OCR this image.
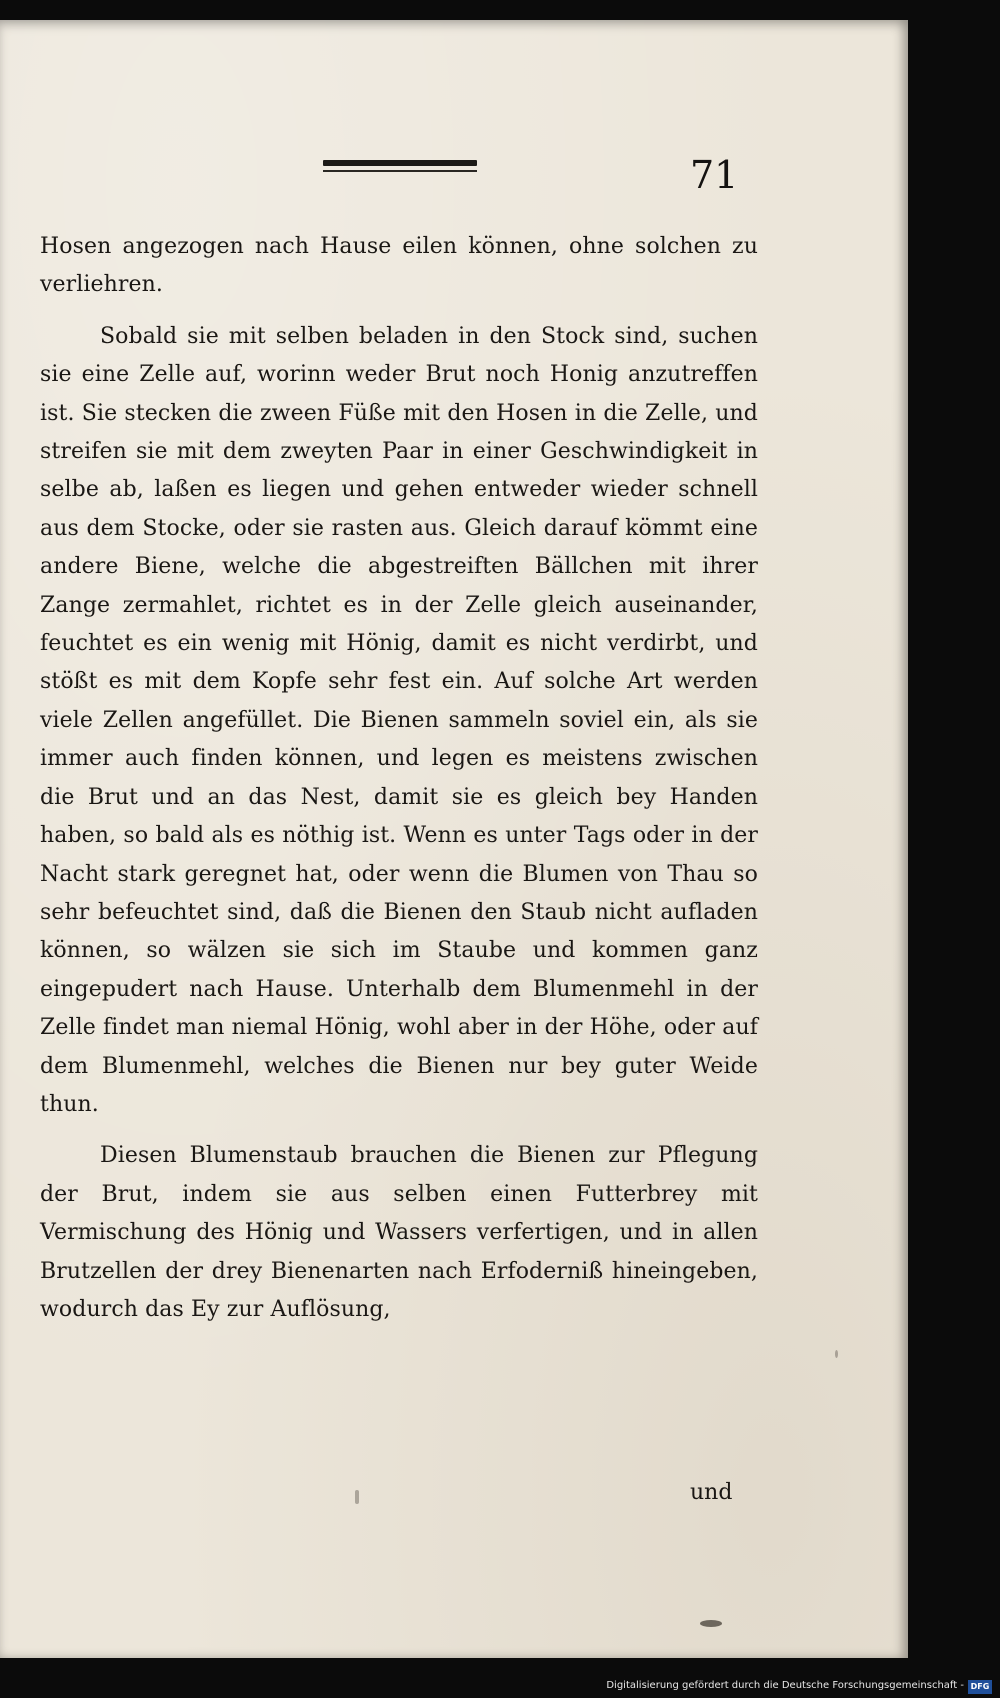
71

Hosen angezogen nach Hause eilen können, ohne solchen zu verliehren.

Sobald sie mit selben beladen in den Stock sind, suchen sie eine Zelle auf, worinn weder Brut noch Honig anzutreffen ist. Sie stecken die zween Füße mit den Hosen in die Zelle, und streifen sie mit dem zweyten Paar in einer Geschwindigkeit in selbe ab, laßen es liegen und gehen entweder wieder schnell aus dem Stocke, oder sie rasten aus. Gleich darauf kömmt eine andere Biene, welche die abgestreiften Bällchen mit ihrer Zange zermahlet, richtet es in der Zelle gleich auseinander, feuchtet es ein wenig mit Hönig, damit es nicht verdirbt, und stößt es mit dem Kopfe sehr fest ein. Auf solche Art werden viele Zellen angefüllet. Die Bienen sammeln soviel ein, als sie immer auch finden können, und legen es meistens zwischen die Brut und an das Nest, damit sie es gleich bey Handen haben, so bald als es nöthig ist. Wenn es unter Tags oder in der Nacht stark geregnet hat, oder wenn die Blumen von Thau so sehr befeuchtet sind, daß die Bienen den Staub nicht aufladen können, so wälzen sie sich im Staube und kommen ganz eingepudert nach Hause. Unterhalb dem Blumenmehl in der Zelle findet man niemal Hönig, wohl aber in der Höhe, oder auf dem Blumenmehl, welches die Bienen nur bey guter Weide thun.

Diesen Blumenstaub brauchen die Bienen zur Pflegung der Brut, indem sie aus selben einen Futterbrey mit Vermischung des Hönig und Wassers verfertigen, und in allen Brutzellen der drey Bienenarten nach Erfoderniß hineingeben, wodurch das Ey zur Auflösung,

und
Digitalisierung gefördert durch die Deutsche Forschungsgemeinschaft - DFG
